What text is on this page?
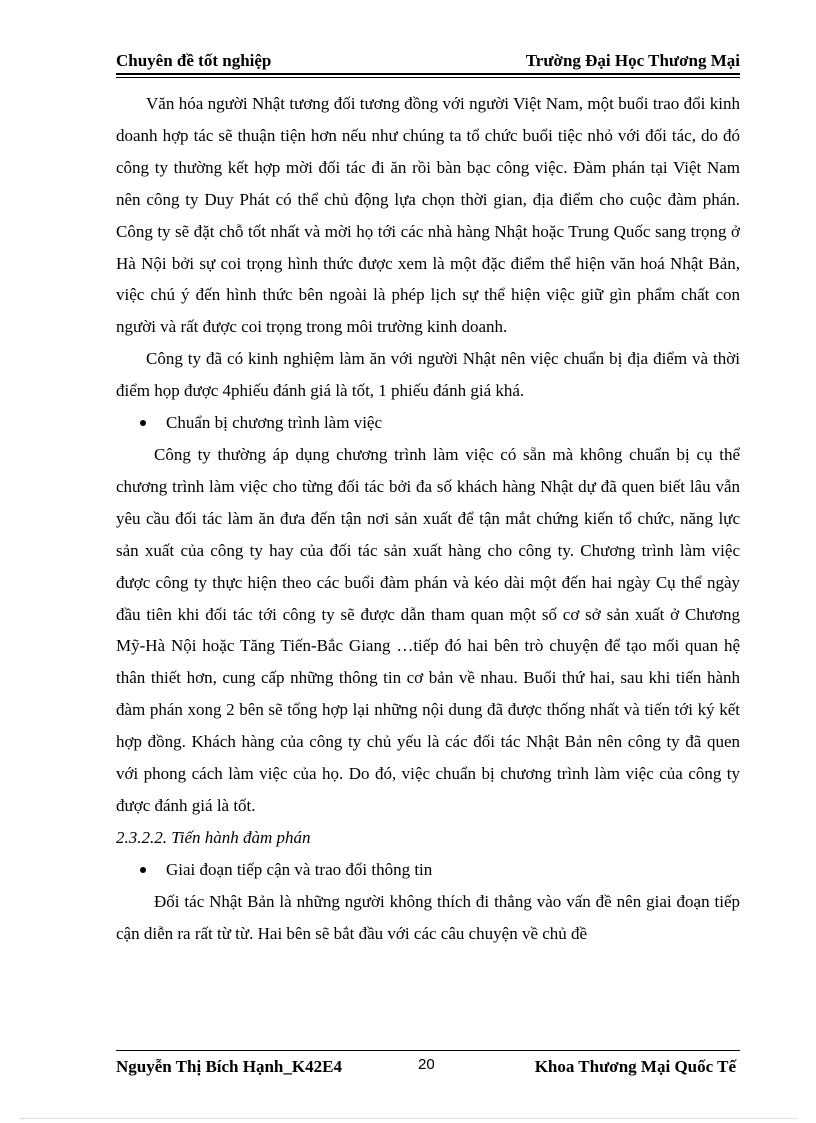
Chuyên đề tốt nghiệp	Trường Đại Học Thương Mại

Văn hóa người Nhật tương đối tương đồng với người Việt Nam, một buổi trao đổi kinh doanh hợp tác sẽ thuận tiện hơn nếu như chúng ta tổ chức buổi tiệc nhỏ với đối tác, do đó công ty thường kết hợp mời đối tác đi ăn rồi bàn bạc công việc. Đàm phán tại Việt Nam nên công ty Duy Phát có thể chủ động lựa chọn thời gian, địa điểm cho cuộc đàm phán. Công ty sẽ đặt chỗ tốt nhất và mời họ tới các nhà hàng Nhật hoặc Trung Quốc sang trọng ở Hà Nội bởi sự coi trọng hình thức được xem là một đặc điểm thể hiện văn hoá Nhật Bản, việc chú ý đến hình thức bên ngoài là phép lịch sự thể hiện việc giữ gìn phẩm chất con người và rất được coi trọng trong môi trường kinh doanh.

Công ty đã có kinh nghiệm làm ăn với người Nhật nên việc chuẩn bị địa điểm và thời điểm họp được 4phiếu đánh giá là tốt, 1 phiếu đánh giá khá.

Chuẩn bị chương trình làm việc

Công ty thường áp dụng chương trình làm việc có sẵn mà không chuẩn bị cụ thể chương trình làm việc cho từng đối tác bởi đa số khách hàng Nhật dự đã quen biết lâu vẫn yêu cầu đối tác làm ăn đưa đến tận nơi sản xuất để tận mắt chứng kiến tổ chức, năng lực sản xuất của công ty hay của đối tác sản xuất hàng cho công ty. Chương trình làm việc được công ty thực hiện theo các buổi đàm phán và kéo dài một đến hai ngày Cụ thể ngày đầu tiên khi đối tác tới công ty sẽ được dẫn tham quan một số cơ sở sản xuất ở Chương Mỹ-Hà Nội hoặc Tăng Tiến-Bắc Giang …tiếp đó hai bên trò chuyện để tạo mối quan hệ thân thiết hơn, cung cấp những thông tin cơ bản về nhau. Buổi thứ hai, sau khi tiến hành đàm phán xong 2 bên sẽ tổng hợp lại những nội dung đã được thống nhất và tiến tới ký kết hợp đồng. Khách hàng của công ty chủ yếu là các đối tác Nhật Bản nên công ty đã quen với phong cách làm việc của họ. Do đó, việc chuẩn bị chương trình làm việc của công ty được đánh giá là tốt.

2.3.2.2. Tiến hành đàm phán

Giai đoạn tiếp cận và trao đổi thông tin

Đối tác Nhật Bản là những người không thích đi thẳng vào vấn đề nên giai đoạn tiếp cận diễn ra rất từ từ. Hai bên sẽ bắt đầu với các câu chuyện về chủ đề

Nguyễn Thị Bích Hạnh_K42E4	20	Khoa Thương Mại Quốc Tế
